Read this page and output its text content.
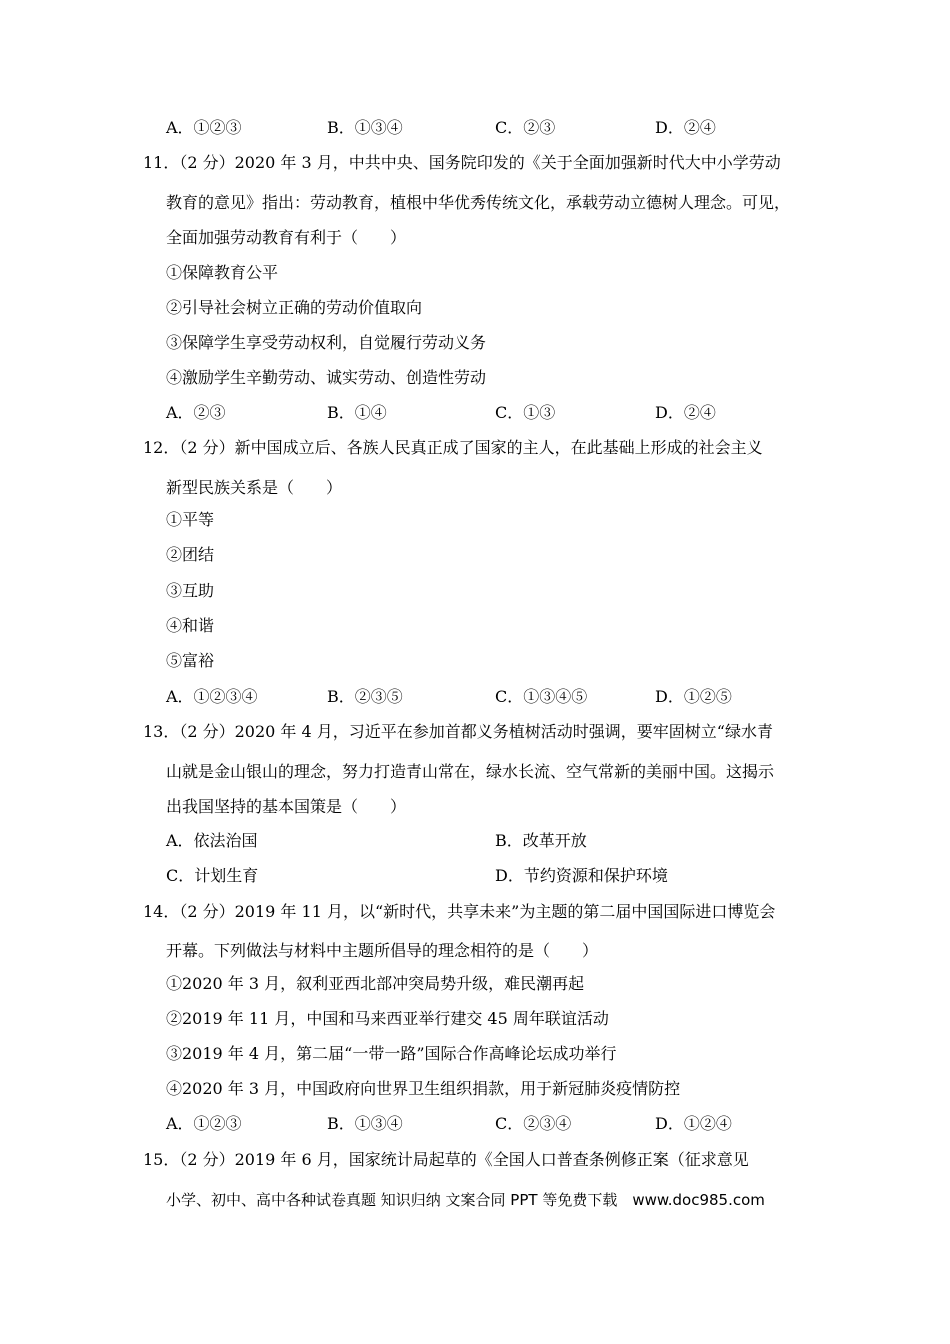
A．①②③	B．①③④	C．②③	D．②④
11．（2 分）2020 年 3 月，中共中央、国务院印发的《关于全面加强新时代大中小学劳动
教育的意见》指出：劳动教育，植根中华优秀传统文化，承载劳动立德树人理念。可见，
全面加强劳动教育有利于（　　）
①保障教育公平
②引导社会树立正确的劳动价值取向
③保障学生享受劳动权利，自觉履行劳动义务
④激励学生辛勤劳动、诚实劳动、创造性劳动
A．②③	B．①④	C．①③	D．②④
12．（2 分）新中国成立后、各族人民真正成了国家的主人，在此基础上形成的社会主义
新型民族关系是（　　）
①平等
②团结
③互助
④和谐
⑤富裕
A．①②③④	B．②③⑤	C．①③④⑤	D．①②⑤
13．（2 分）2020 年 4 月，习近平在参加首都义务植树活动时强调，要牢固树立“绿水青
山就是金山银山的理念，努力打造青山常在，绿水长流、空气常新的美丽中国。这揭示
出我国坚持的基本国策是（　　）
A．依法治国	B．改革开放
C．计划生育	D．节约资源和保护环境
14．（2 分）2019 年 11 月，以“新时代，共享未来”为主题的第二届中国国际进口博览会
开幕。下列做法与材料中主题所倡导的理念相符的是（　　）
①2020 年 3 月，叙利亚西北部冲突局势升级，难民潮再起
②2019 年 11 月，中国和马来西亚举行建交 45 周年联谊活动
③2019 年 4 月，第二届“一带一路”国际合作高峰论坛成功举行
④2020 年 3 月，中国政府向世界卫生组织捐款，用于新冠肺炎疫情防控
A．①②③	B．①③④	C．②③④	D．①②④
15．（2 分）2019 年 6 月，国家统计局起草的《全国人口普查条例修正案（征求意见
小学、初中、高中各种试卷真题 知识归纳 文案合同 PPT 等免费下载　www.doc985.com
